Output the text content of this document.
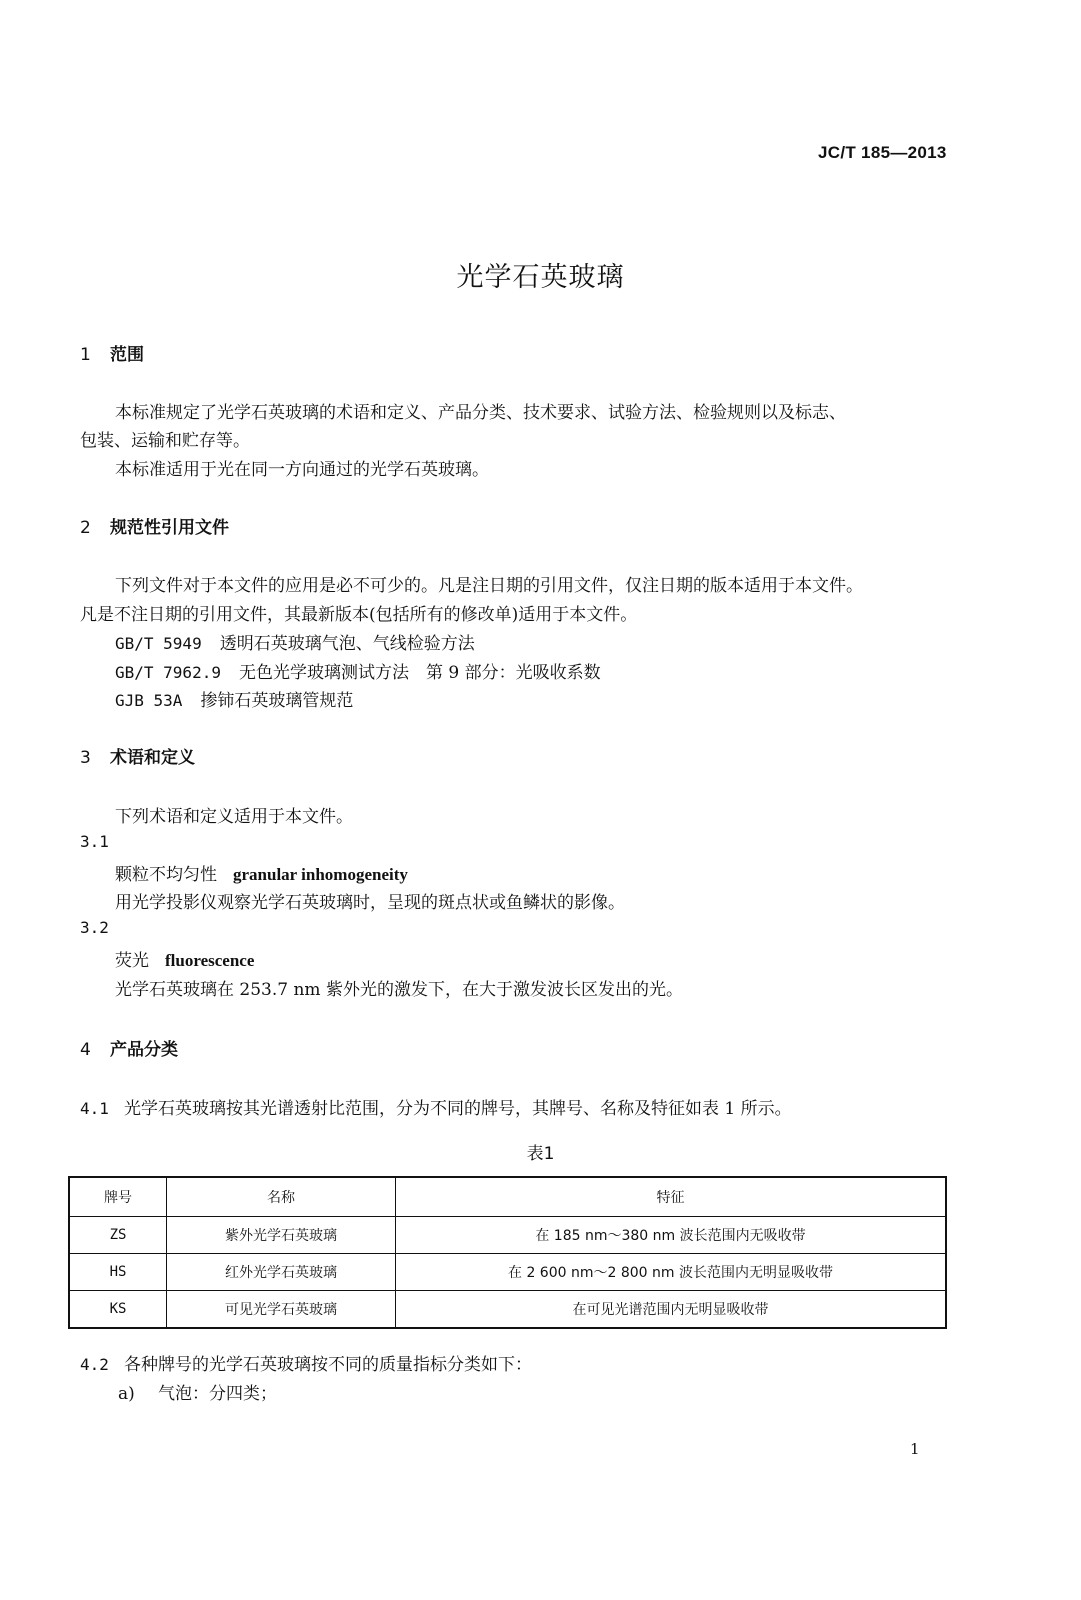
JC/T 185—2013
光学石英玻璃
1 范围
本标准规定了光学石英玻璃的术语和定义、产品分类、技术要求、试验方法、检验规则以及标志、
包装、运输和贮存等。
本标准适用于光在同一方向通过的光学石英玻璃。
2 规范性引用文件
下列文件对于本文件的应用是必不可少的。凡是注日期的引用文件，仅注日期的版本适用于本文件。
凡是不注日期的引用文件，其最新版本(包括所有的修改单)适用于本文件。
GB/T 5949 透明石英玻璃气泡、气线检验方法
GB/T 7962.9 无色光学玻璃测试方法　第 9 部分：光吸收系数
GJB 53A 掺铈石英玻璃管规范
3 术语和定义
下列术语和定义适用于本文件。
3.1
颗粒不均匀性 granular inhomogeneity
用光学投影仪观察光学石英玻璃时，呈现的斑点状或鱼鳞状的影像。
3.2
荧光 fluorescence
光学石英玻璃在 253.7 nm 紫外光的激发下，在大于激发波长区发出的光。
4 产品分类
4.1 光学石英玻璃按其光谱透射比范围，分为不同的牌号，其牌号、名称及特征如表 1 所示。
表1
牌号	名称	特征
ZS	紫外光学石英玻璃	在 185 nm～380 nm 波长范围内无吸收带
HS	红外光学石英玻璃	在 2 600 nm～2 800 nm 波长范围内无明显吸收带
KS	可见光学石英玻璃	在可见光谱范围内无明显吸收带
4.2 各种牌号的光学石英玻璃按不同的质量指标分类如下：
a) 气泡：分四类；
1
